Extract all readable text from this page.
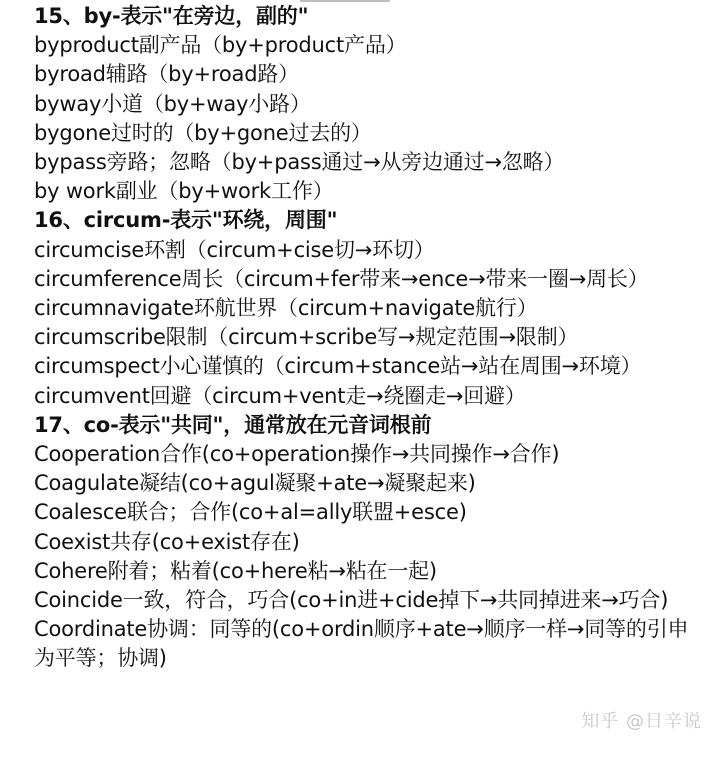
15、by-表示"在旁边，副的"
byproduct副产品（by+product产品）
byroad辅路（by+road路）
byway小道（by+way小路）
bygone过时的（by+gone过去的）
bypass旁路；忽略（by+pass通过→从旁边通过→忽略）
by work副业（by+work工作）
16、circum-表示"环绕，周围"
circumcise环割（circum+cise切→环切）
circumference周长（circum+fer带来→ence→带来一圈→周长）
circumnavigate环航世界（circum+navigate航行）
circumscribe限制（circum+scribe写→规定范围→限制）
circumspect小心谨慎的（circum+stance站→站在周围→环境）
circumvent回避（circum+vent走→绕圈走→回避）
17、co-表示"共同"，通常放在元音词根前
Cooperation合作(co+operation操作→共同操作→合作)
Coagulate凝结(co+agul凝聚+ate→凝聚起来)
Coalesce联合；合作(co+al=ally联盟+esce)
Coexist共存(co+exist存在)
Cohere附着；粘着(co+here粘→粘在一起)
Coincide一致，符合，巧合(co+in进+cide掉下→共同掉进来→巧合)
Coordinate协调：同等的(co+ordin顺序+ate→顺序一样→同等的引申为平等；协调)
知乎 @日辛说
